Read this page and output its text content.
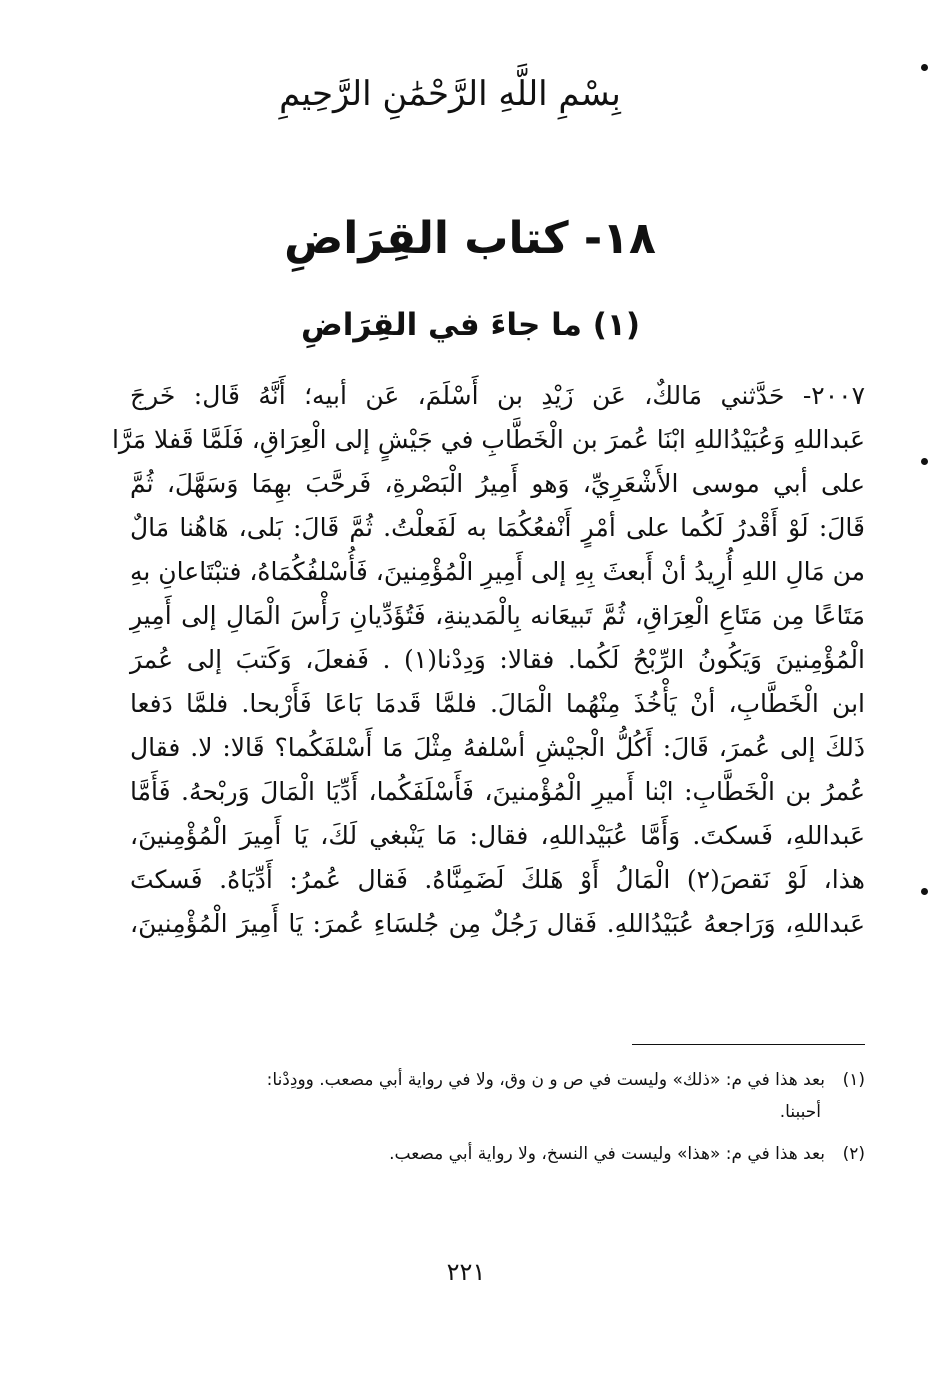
بِسْمِ اللَّهِ الرَّحْمَٰنِ الرَّحِيمِ
١٨- كتاب القِرَاضِ
(١) ما جاءَ في القِرَاضِ
٢٠٠٧- حَدَّثني مَالكٌ، عَن زَيْدِ بن أَسْلَمَ، عَن أبيه؛ أَنَّهُ قَال: خَرجَ
عَبداللهِ وَعُبَيْدُاللهِ ابْنَا عُمرَ بن الْخَطَّابِ في جَيْشٍ إلى الْعِرَاقِ، فَلَمَّا قَفلا مَرَّا
على أبي موسى الأَشْعَرِيِّ، وَهو أَمِيرُ الْبَصْرةِ، فَرحَّبَ بهِمَا وَسَهَّلَ، ثُمَّ
قَالَ: لَوْ أَقْدرُ لَكُما على أمْرٍ أَنْفعُكُمَا به لَفَعلْتُ. ثُمَّ قَالَ: بَلى، هَاهُنا مَالٌ
من مَالِ اللهِ أُرِيدُ أنْ أَبعثَ بِهِ إلى أَمِيرِ الْمُؤْمِنينَ، فَأُسْلفُكُمَاهُ، فتبْتَاعانِ بهِ
مَتَاعًا مِن مَتَاعِ الْعِرَاقِ، ثُمَّ تَبيعَانه بِالْمَدينةِ، فَتُؤَدِّيانِ رَأْسَ الْمَالِ إلى أَمِيرِ
الْمُؤْمِنينَ وَيَكُونُ الرِّبْحُ لَكُما. فقالا: وَدِدْنا(١) . فَفعلَ، وَكَتبَ إلى عُمرَ
ابن الْخَطَّابِ، أنْ يَأْخُذَ مِنْهُما الْمَالَ. فلمَّا قَدمَا بَاعَا فَأَرْبحا. فلمَّا دَفعا
ذَلكَ إلى عُمرَ، قَالَ: أَكُلُّ الْجيْشِ أسْلفهُ مِثْلَ مَا أَسْلفَكُما؟ قَالا: لا. فقال
عُمرُ بن الْخَطَّابِ: ابْنا أَميرِ الْمُؤْمنينَ، فَأَسْلَفَكُما، أَدِّيَا الْمَالَ وَربْحهُ. فَأَمَّا
عَبداللهِ، فَسكتَ. وَأَمَّا عُبَيْداللهِ، فقال: مَا يَنْبغي لَكَ، يَا أَمِيرَ الْمُؤْمِنينَ،
هذا، لَوْ نَقصَ(٢) الْمَالُ أَوْ هَلكَ لَضَمِنَّاهُ. فَقال عُمرُ: أَدِّيَاهُ. فَسكتَ
عَبداللهِ، وَرَاجعهُ عُبَيْدُاللهِ. فَقال رَجُلٌ مِن جُلسَاءِ عُمرَ: يَا أَمِيرَ الْمُؤْمِنينَ،
(١)بعد هذا في م: «ذلك» وليست في ص و ن وق، ولا في رواية أبي مصعب. وودِدْنا:
أحببنا.
(٢)بعد هذا في م: «هذا» وليست في النسخ، ولا رواية أبي مصعب.
٢٢١
